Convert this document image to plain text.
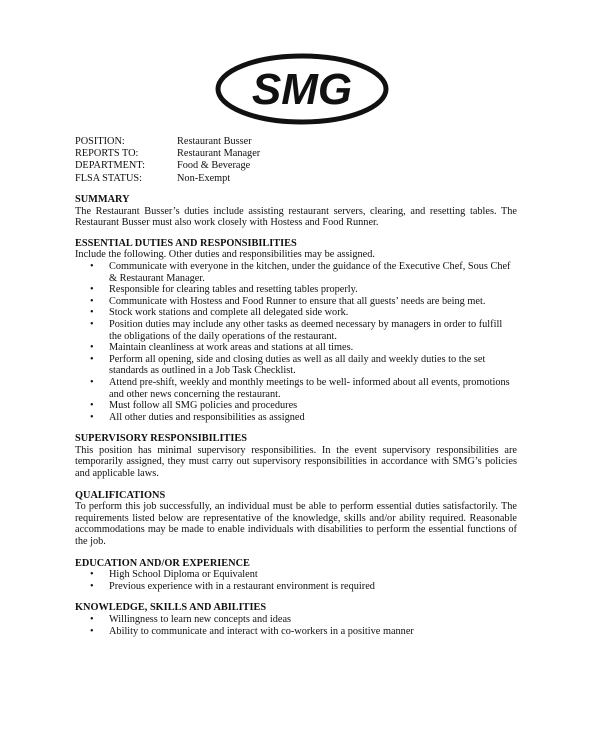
SMG
POSITION:	Restaurant Busser
REPORTS TO:	Restaurant Manager
DEPARTMENT:	Food & Beverage
FLSA STATUS:	Non-Exempt

SUMMARY

The Restaurant Busser’s duties include assisting restaurant servers, clearing, and resetting tables. The Restaurant Busser must also work closely with Hostess and Food Runner.

ESSENTIAL DUTIES AND RESPONSIBILITIES

Include the following. Other duties and responsibilities may be assigned.

• Communicate with everyone in the kitchen, under the guidance of the Executive Chef, Sous Chef & Restaurant Manager.
• Responsible for clearing tables and resetting tables properly.
• Communicate with Hostess and Food Runner to ensure that all guests’ needs are being met.
• Stock work stations and complete all delegated side work.
• Position duties may include any other tasks as deemed necessary by managers in order to fulfill the obligations of the daily operations of the restaurant.
• Maintain cleanliness at work areas and stations at all times.
• Perform all opening, side and closing duties as well as all daily and weekly duties to the set standards as outlined in a Job Task Checklist.
• Attend pre-shift, weekly and monthly meetings to be well- informed about all events, promotions and other news concerning the restaurant.
• Must follow all SMG policies and procedures
• All other duties and responsibilities as assigned

SUPERVISORY RESPONSIBILITIES

This position has minimal supervisory responsibilities. In the event supervisory responsibilities are temporarily assigned, they must carry out supervisory responsibilities in accordance with SMG’s policies and applicable laws.

QUALIFICATIONS

To perform this job successfully, an individual must be able to perform essential duties satisfactorily. The requirements listed below are representative of the knowledge, skills and/or ability required. Reasonable accommodations may be made to enable individuals with disabilities to perform the essential functions of the job.

EDUCATION AND/OR EXPERIENCE

• High School Diploma or Equivalent
• Previous experience with in a restaurant environment is required

KNOWLEDGE, SKILLS AND ABILITIES

• Willingness to learn new concepts and ideas
• Ability to communicate and interact with co-workers in a positive manner
